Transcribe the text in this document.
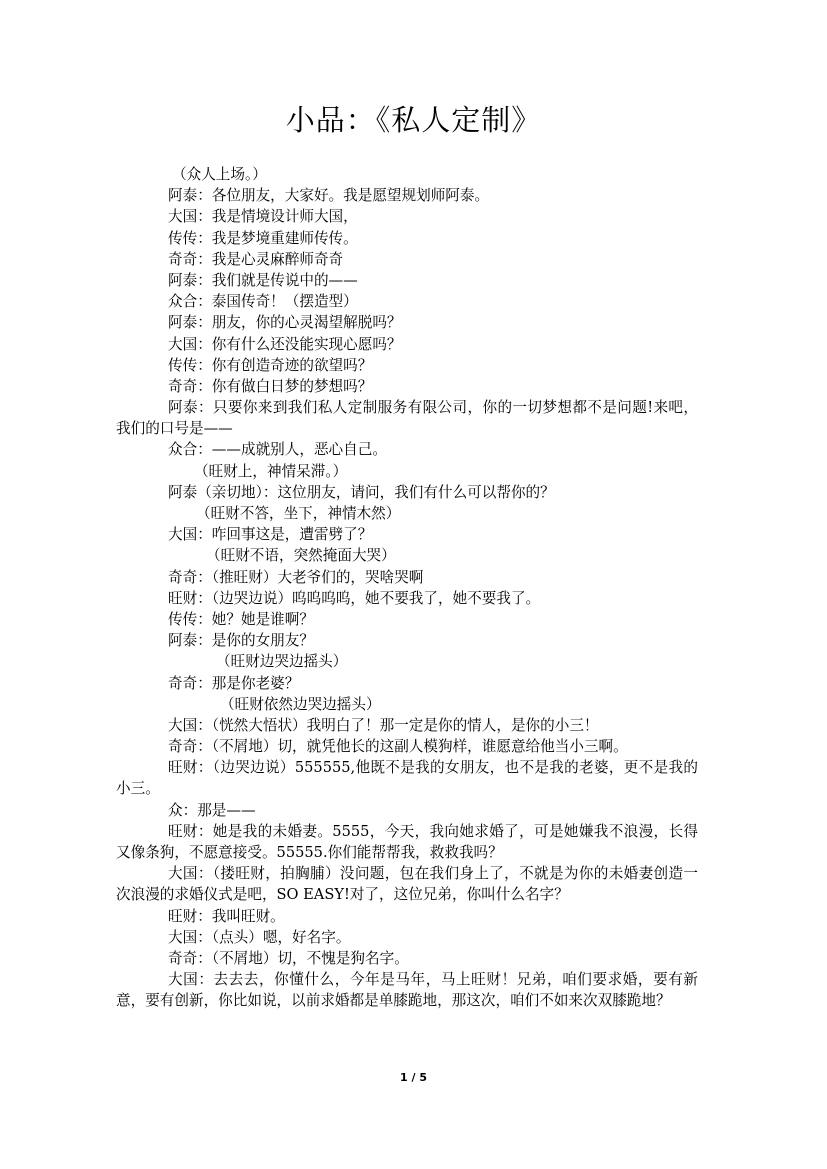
小品：《私人定制》
（众人上场。）
阿泰：各位朋友，大家好。我是愿望规划师阿泰。
大国：我是情境设计师大国，
传传：我是梦境重建师传传。
奇奇：我是心灵麻醉师奇奇
阿泰：我们就是传说中的——
众合：泰国传奇！（摆造型）
阿泰：朋友，你的心灵渴望解脱吗？
大国：你有什么还没能实现心愿吗？
传传：你有创造奇迹的欲望吗？
奇奇：你有做白日梦的梦想吗？
阿泰：只要你来到我们私人定制服务有限公司，你的一切梦想都不是问题!来吧，我们的口号是——
众合：——成就别人，恶心自己。
（旺财上，神情呆滞。）
阿泰（亲切地）：这位朋友，请问，我们有什么可以帮你的？
（旺财不答，坐下，神情木然）
大国：咋回事这是，遭雷劈了？
（旺财不语，突然掩面大哭）
奇奇：（推旺财）大老爷们的，哭啥哭啊
旺财：（边哭边说）呜呜呜呜，她不要我了，她不要我了。
传传：她？她是谁啊？
阿泰：是你的女朋友？
（旺财边哭边摇头）
奇奇：那是你老婆？
（旺财依然边哭边摇头）
大国：（恍然大悟状）我明白了！那一定是你的情人，是你的小三！
奇奇：（不屑地）切，就凭他长的这副人模狗样，谁愿意给他当小三啊。
旺财：（边哭边说）555555,他既不是我的女朋友，也不是我的老婆，更不是我的小三。
众：那是——
旺财：她是我的未婚妻。5555，今天，我向她求婚了，可是她嫌我不浪漫，长得又像条狗，不愿意接受。55555.你们能帮帮我，救救我吗？
大国：（搂旺财，拍胸脯）没问题，包在我们身上了，不就是为你的未婚妻创造一次浪漫的求婚仪式是吧，SO EASY!对了，这位兄弟，你叫什么名字？
旺财：我叫旺财。
大国：（点头）嗯，好名字。
奇奇：（不屑地）切，不愧是狗名字。
大国：去去去，你懂什么，今年是马年，马上旺财！兄弟，咱们要求婚，要有新意，要有创新，你比如说，以前求婚都是单膝跪地，那这次，咱们不如来次双膝跪地？
1 / 5
